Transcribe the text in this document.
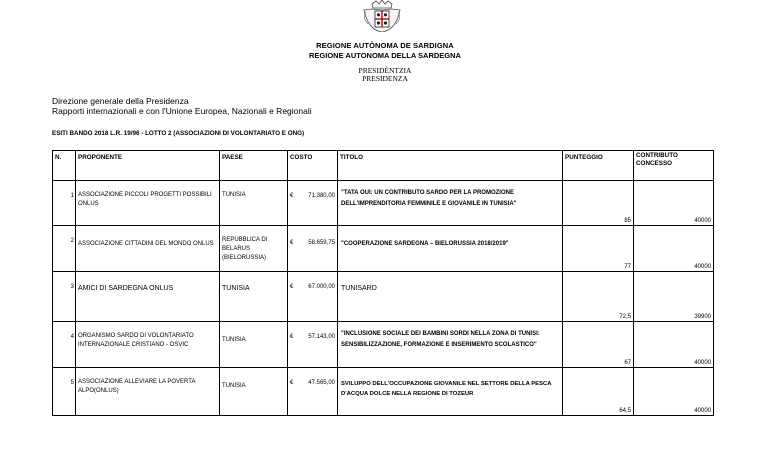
REGIONE AUTÒNOMA DE SARDIGNA
REGIONE AUTONOMA DELLA SARDEGNA
PRESIDÈNTZIA
PRESIDENZA
Direzione generale della Presidenza
Rapporti internazionali e con l'Unione Europea, Nazionali e Regionali
ESITI BANDO 2018 L.R. 19/96 - LOTTO 2 (ASSOCIAZIONI DI VOLONTARIATO E ONG)
N.	PROPONENTE	PAESE	COSTO	TITOLO	PUNTEGGIO	CONTRIBUTO CONCESSO
1	ASSOCIAZIONE PICCOLI PROGETTI POSSIBILI ONLUS	TUNISIA	€ 71.380,00	"TATA OUI: UN CONTRIBUTO SARDO PER LA PROMOZIONE DELL'IMPRENDITORIA FEMMINILE E GIOVANILE IN TUNISIA"	85	40000
2	ASSOCIAZIONE CITTADINI DEL MONDO ONLUS	REPUBBLICA DI BELARUS (BIELORUSSIA)	€ 58.659,75	"COOPERAZIONE SARDEGNA – BIELORUSSIA 2018/2019"	77	40000
3	AMICI DI SARDEGNA ONLUS	TUNISIA	€ 67.000,00	TUNISARD	72,5	39900
4	ORGANISMO SARDO DI VOLONTARIATO INTERNAZIONALE CRISTIANO - OSVIC	TUNISIA	€ 57.143,00	"INCLUSIONE SOCIALE DEI BAMBINI SORDI NELLA ZONA DI TUNISI: SENSIBILIZZAZIONE, FORMAZIONE E INSERIMENTO SCOLASTICO"	67	40000
5	ASSOCIAZIONE ALLEVIARE LA POVERTA ALPO(ONLUS)	TUNISIA	€ 47.565,00	SVILUPPO DELL'OCCUPAZIONE GIOVANILE NEL SETTORE DELLA PESCA D'ACQUA DOLCE NELLA REGIONE DI TOZEUR	64,5	40000
